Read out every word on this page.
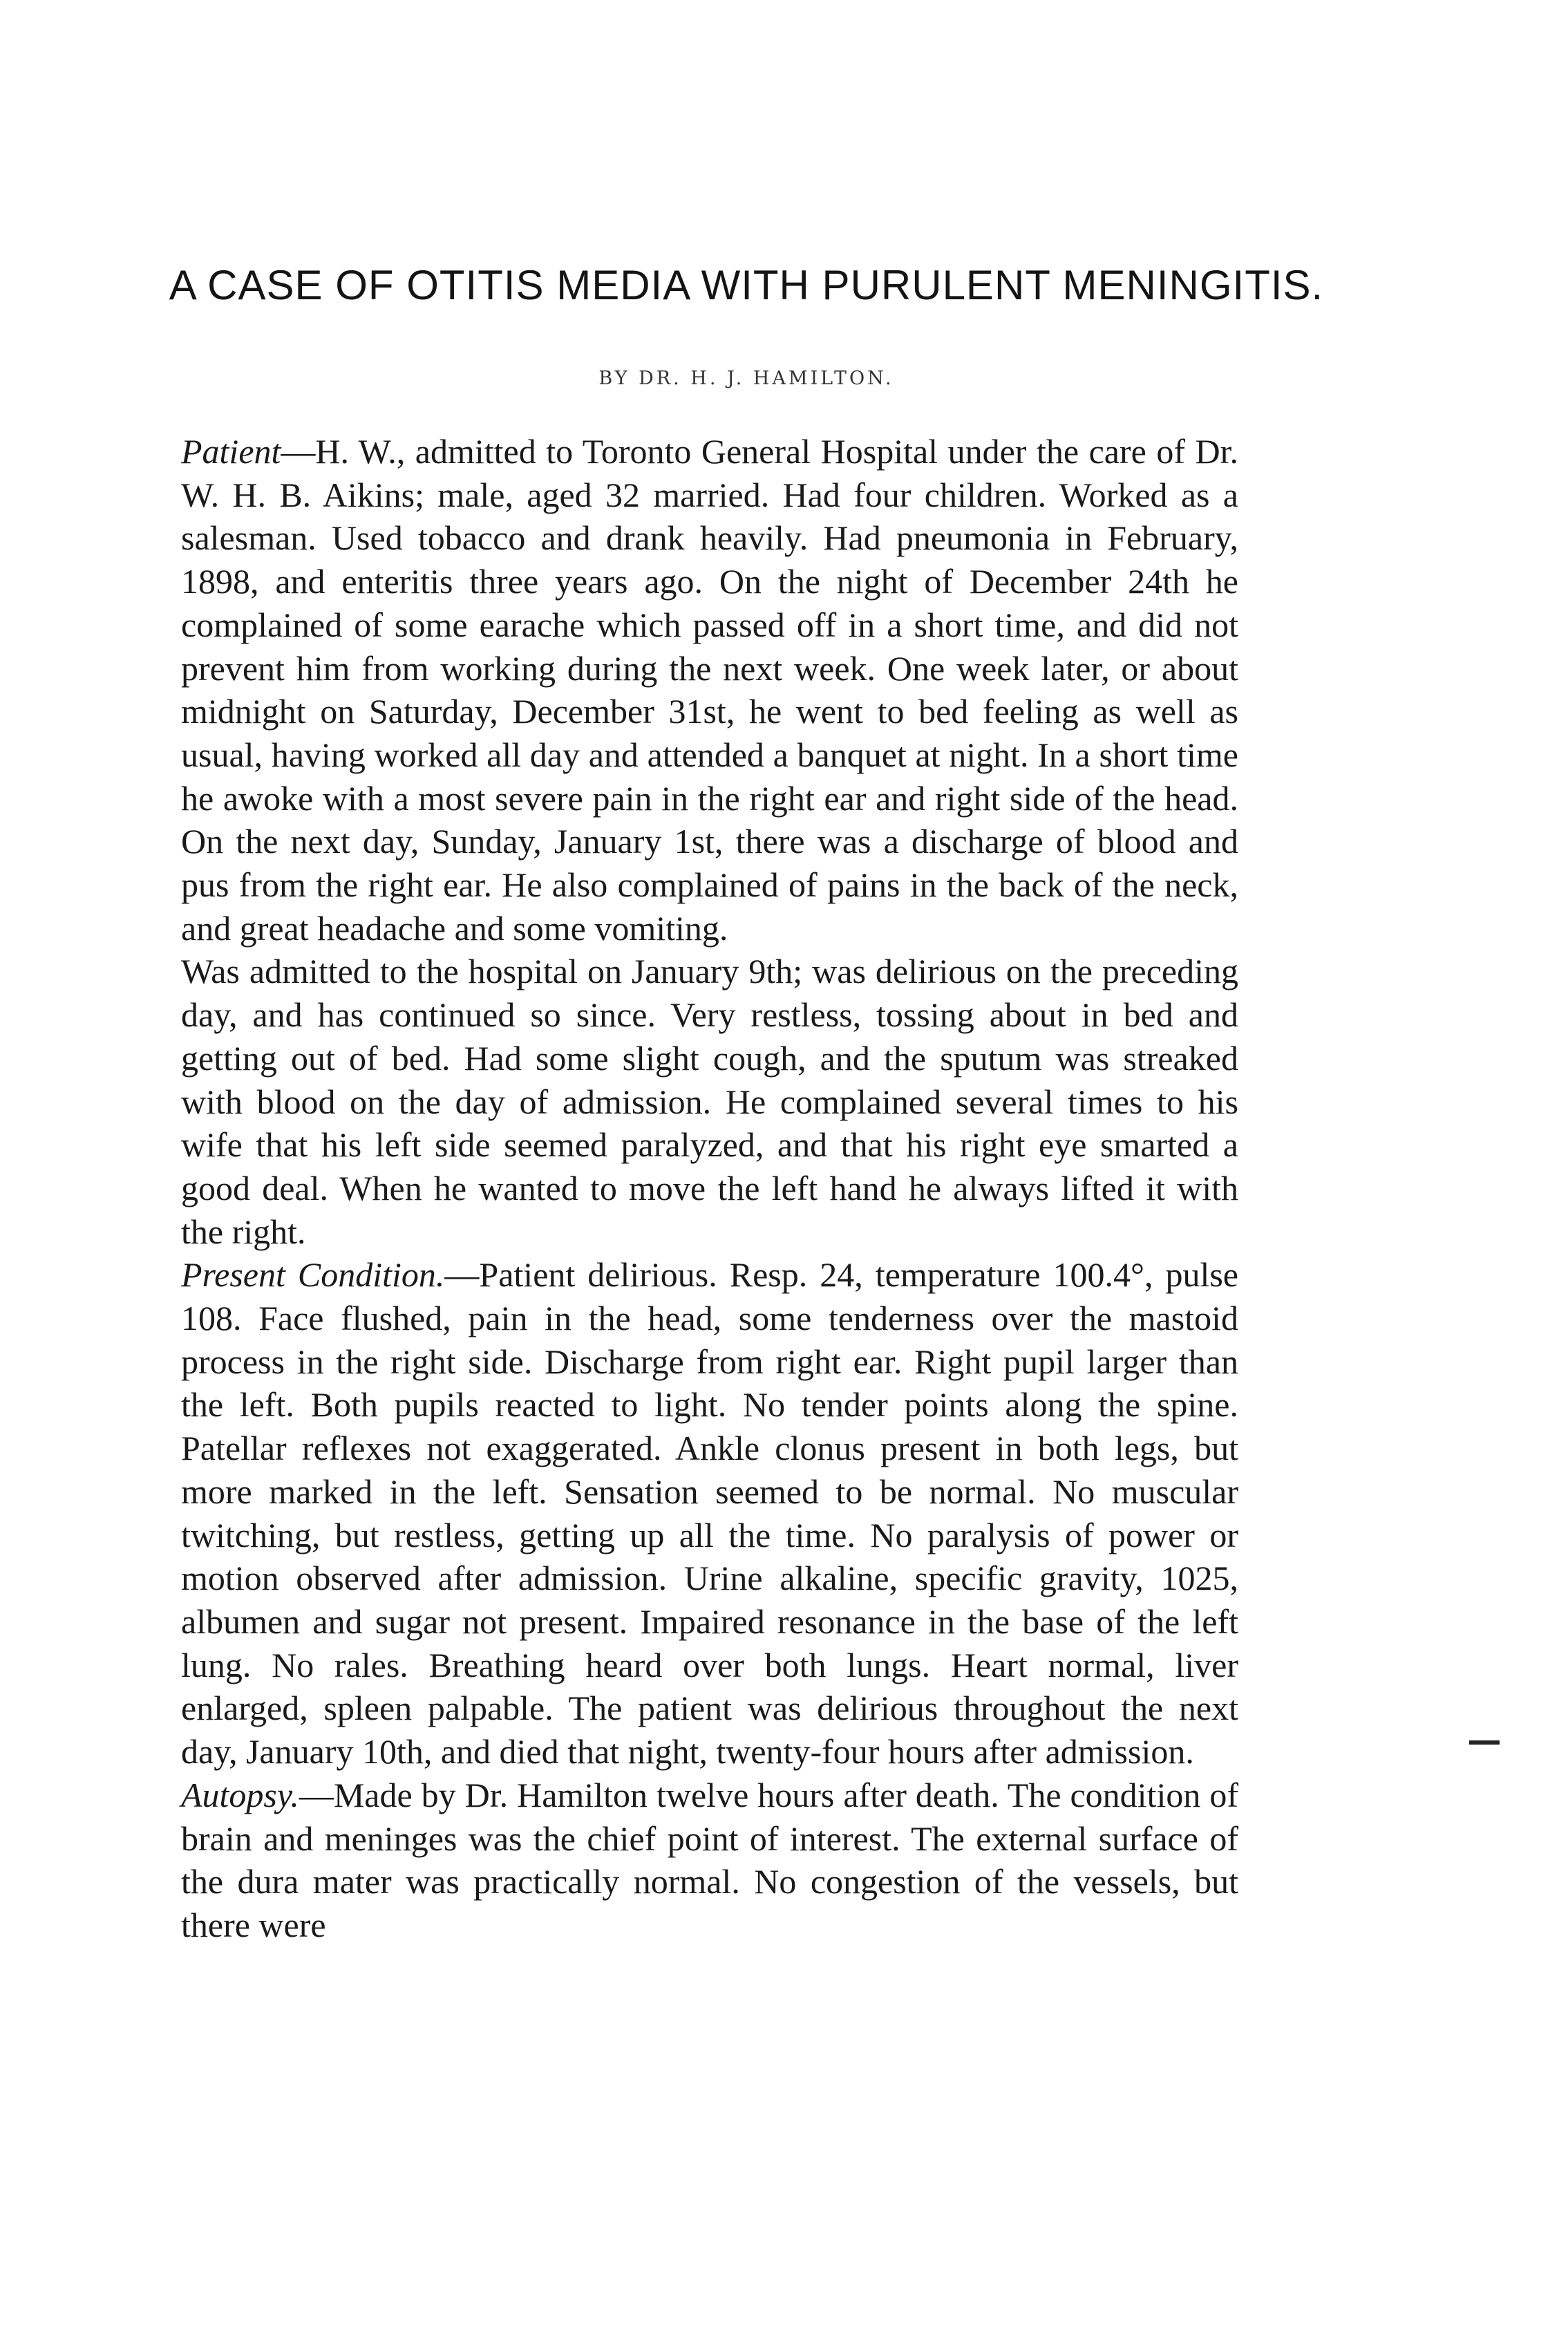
A CASE OF OTITIS MEDIA WITH PURULENT MENINGITIS.
BY DR. H. J. HAMILTON.

Patient—H. W., admitted to Toronto General Hospital under the care of Dr. W. H. B. Aikins; male, aged 32 married. Had four children. Worked as a salesman. Used tobacco and drank heavily. Had pneumonia in February, 1898, and enteritis three years ago. On the night of December 24th he complained of some earache which passed off in a short time, and did not prevent him from working during the next week. One week later, or about midnight on Saturday, December 31st, he went to bed feeling as well as usual, having worked all day and attended a banquet at night. In a short time he awoke with a most severe pain in the right ear and right side of the head. On the next day, Sunday, January 1st, there was a discharge of blood and pus from the right ear. He also complained of pains in the back of the neck, and great headache and some vomiting.

Was admitted to the hospital on January 9th; was delirious on the preceding day, and has continued so since. Very restless, tossing about in bed and getting out of bed. Had some slight cough, and the sputum was streaked with blood on the day of admission. He complained several times to his wife that his left side seemed paralyzed, and that his right eye smarted a good deal. When he wanted to move the left hand he always lifted it with the right.

Present Condition.—Patient delirious. Resp. 24, temperature 100.4°, pulse 108. Face flushed, pain in the head, some tenderness over the mastoid process in the right side. Discharge from right ear. Right pupil larger than the left. Both pupils reacted to light. No tender points along the spine. Patellar reflexes not exaggerated. Ankle clonus present in both legs, but more marked in the left. Sensation seemed to be normal. No muscular twitching, but restless, getting up all the time. No paralysis of power or motion observed after admission. Urine alkaline, specific gravity, 1025, albumen and sugar not present. Impaired resonance in the base of the left lung. No rales. Breathing heard over both lungs. Heart normal, liver enlarged, spleen palpable. The patient was delirious throughout the next day, January 10th, and died that night, twenty-four hours after admission.

Autopsy.—Made by Dr. Hamilton twelve hours after death. The condition of brain and meninges was the chief point of interest. The external surface of the dura mater was practically normal. No congestion of the vessels, but there were
